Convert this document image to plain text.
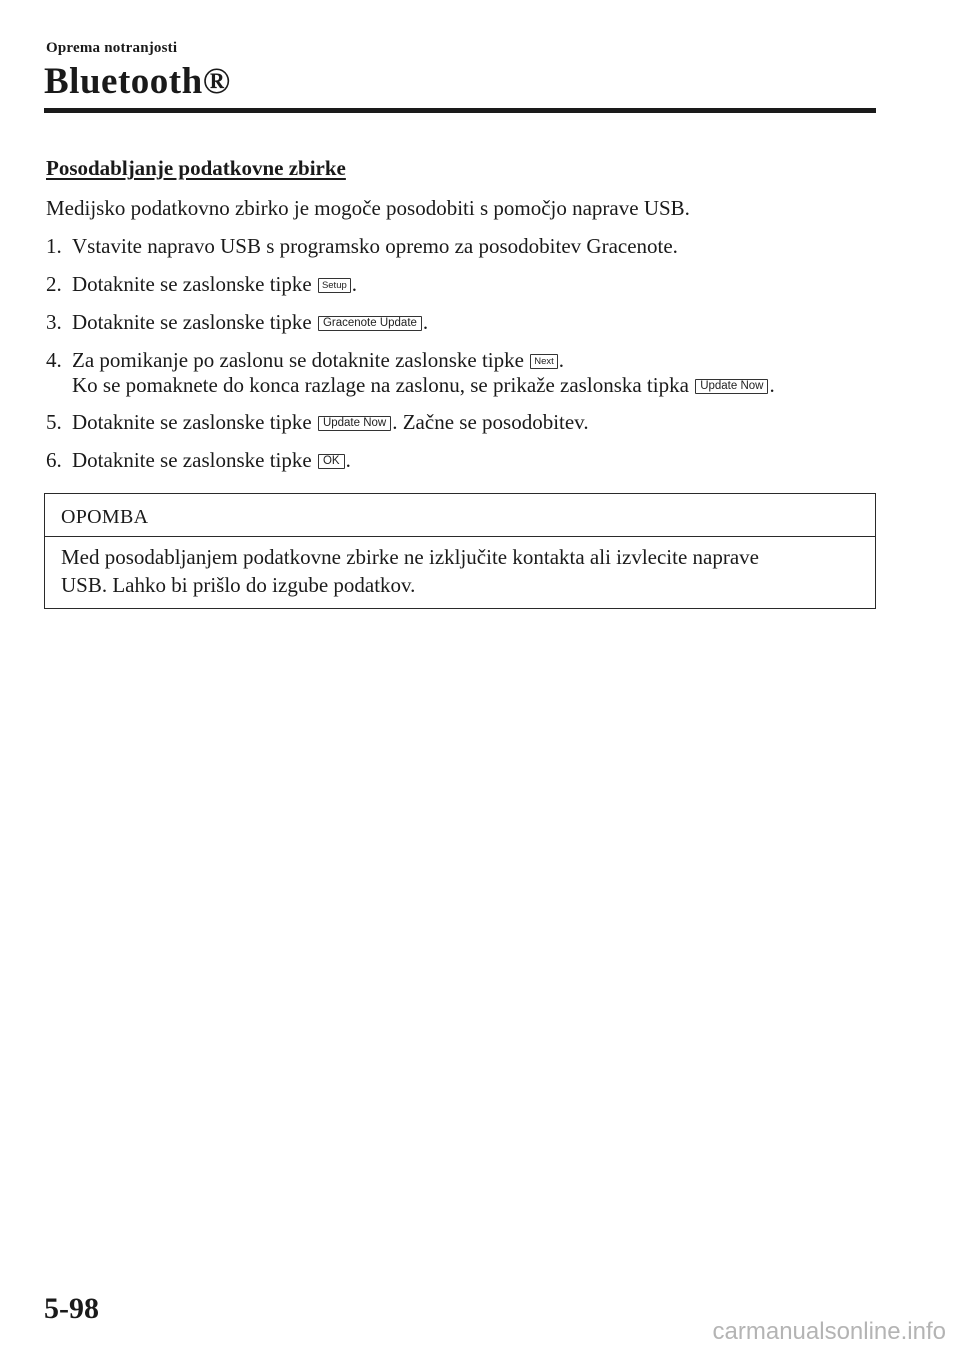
Oprema notranjosti
Bluetooth®
Posodabljanje podatkovne zbirke
Medijsko podatkovno zbirko je mogoče posodobiti s pomočjo naprave USB.
1. Vstavite napravo USB s programsko opremo za posodobitev Gracenote.
2. Dotaknite se zaslonske tipke Setup .
3. Dotaknite se zaslonske tipke Gracenote Update .
4. Za pomikanje po zaslonu se dotaknite zaslonske tipke Next .
Ko se pomaknete do konca razlage na zaslonu, se prikaže zaslonska tipka Update Now .
5. Dotaknite se zaslonske tipke Update Now . Začne se posodobitev.
6. Dotaknite se zaslonske tipke OK .
OPOMBA
Med posodabljanjem podatkovne zbirke ne izključite kontakta ali izvlecite naprave
USB. Lahko bi prišlo do izgube podatkov.
5-98
carmanualsonline.info
